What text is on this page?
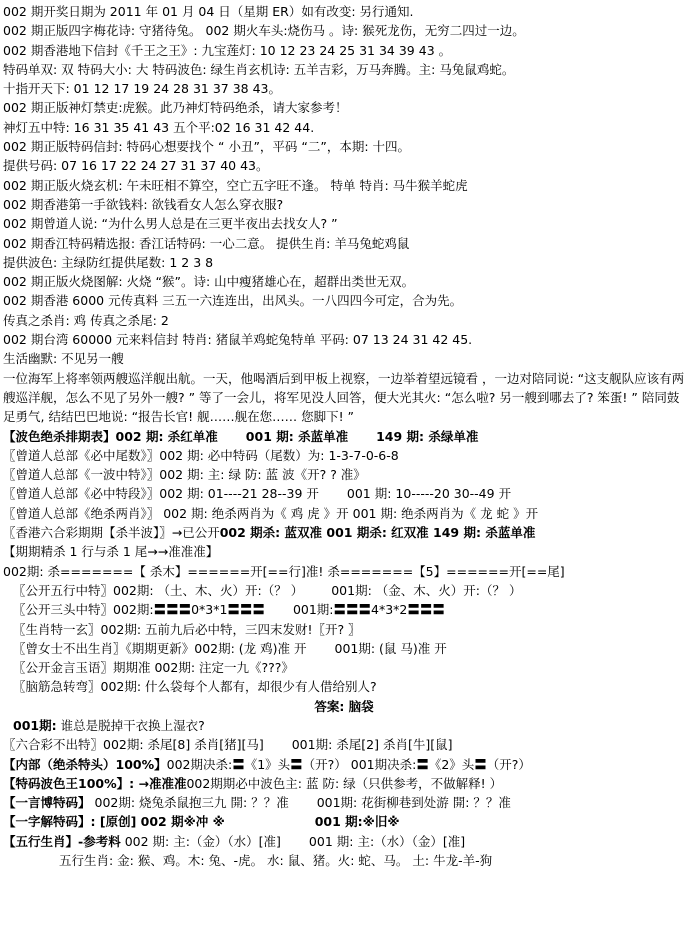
002 期开奖日期为 2011 年 01 月 04 日（星期 ER）如有改变: 另行通知.
002 期正版四字梅花诗: 守猪待兔。 002 期火车头:烧伤马 。诗: 猴死龙伤，无穷二四过一边。
002 期香港地下信封《千王之王》: 九宝莲灯: 10 12 23 24 25 31 34 39 43 。
特码单双: 双 特码大小: 大 特码波色: 绿生肖玄机诗: 五羊吉彩，万马奔腾。主: 马兔鼠鸡蛇。
十指开天下: 01 12 17 19 24 28 31 37 38 43。
002 期正版神灯禁吏:虎猴。此乃神灯特码绝杀，请大家参考！
神灯五中特: 16 31 35 41 43 五个平:02 16 31 42 44.
002 期正版特码信封: 特码心想要找个 “ 小丑”，平码 “二”，本期: 十四。
提供号码: 07 16 17 22 24 27 31 37 40 43。
002 期正版火烧玄机: 午未旺相不算空，空亡五字旺不逢。 特单 特肖: 马牛猴羊蛇虎
002 期香港第一手欲钱料: 欲钱看女人怎么穿衣服?
002 期曾道人说: “为什么男人总是在三更半夜出去找女人? ”
002 期香江特码精选报: 香江话特码: 一心二意。 提供生肖: 羊马兔蛇鸡鼠
提供波色: 主绿防红提供尾数: 1 2 3 8
002 期正版火烧图解: 火烧 “猴”。诗: 山中瘦猪雄心在，超群出类世无双。
002 期香港 6000 元传真料 三五一六连连出，出风头。一八四四今可定，合为先。
传真之杀肖: 鸡 传真之杀尾: 2
002 期台湾 60000 元来料信封 特肖: 猪鼠羊鸡蛇兔特单 平码: 07 13 24 31 42 45.
生活幽默: 不见另一艘
一位海军上将率领两艘巡洋舰出航。一天，他喝酒后到甲板上视察，一边举着望远镜看 ，一边对陪同说: “这支舰队应该有两艘巡洋舰，怎么不见了另外一艘? ” 等了一会儿，将军见没人回答，便大光其火: “怎么啦? 另一艘到哪去了? 笨蛋! ” 陪同鼓足勇气, 结结巴巴地说: “报告长官! 舰……舰在您…… 您脚下! ”
【波色绝杀排期表】002 期: 杀红单准 001 期: 杀蓝单准 149 期: 杀绿单准
〖曾道人总部《必中尾数》〗002 期: 必中特码（尾数）为: 1-3-7-0-6-8
〖曾道人总部《一波中特》〗002 期: 主: 绿 防: 蓝 波《开? ? 准》
〖曾道人总部《必中特段》〗002 期: 01----21 28--39 开 001 期: 10-----20 30--49 开
〖曾道人总部《绝杀两肖》〗 002 期: 绝杀两肖为《 鸡 虎 》开 001 期: 绝杀两肖为《 龙 蛇 》开
〖香港六合彩期期【杀半波】〗→已公开002 期杀: 蓝双准 001 期杀: 红双准 149 期: 杀蓝单准
【期期精杀 1 行与杀 1 尾→→准准准】
002期: 杀=======【 杀木】======开[==行]准! 杀=======【5】======开[==尾]
〖公开五行中特〗002期: （土、木、火）开:（？ ） 001期: （金、木、火）开:（？ ）
〖公开三头中特〗002期:〓〓〓0*3*1〓〓〓 001期:〓〓〓4*3*2〓〓〓
〖生肖特一玄〗002期: 五前九后必中特，三四末发财!〖开? 〗
〖曾女士不出生肖〗《期期更新》002期: (龙 鸡)准 开 001期: (鼠 马)准 开
〖公开金言玉语〗期期准 002期: 注定一九《???》
〖脑筋急转弯〗002期: 什么袋每个人都有，却很少有人借给别人?
答案: 脑袋
001期: 谁总是脱掉干衣换上湿衣?
〖六合彩不出特〗002期: 杀尾[8] 杀肖[猪][马] 001期: 杀尾[2] 杀肖[牛][鼠]
【内部（绝杀特头）100%】002期决杀:〓《1》头〓（开?） 001期决杀:〓《2》头〓（开?）
【特码波色王100%】: →准准准002期期必中波色主: 蓝 防: 绿（只供参考，不做解释! ）
【一言博特码】 002期: 烧兔杀鼠抱三九 開: ？？准 001期: 花街柳巷到处游 開: ？？准
【一字解特码】: [原创] 002 期※冲 ※	001 期:※旧※
【五行生肖】-参考料 002 期: 主:（金）（水）[准] 001 期: 主:（水）（金）[准]
五行生肖: 金: 猴、鸡。木: 兔、-虎。 水: 鼠、猪。火: 蛇、马。 土: 牛龙-羊-狗
